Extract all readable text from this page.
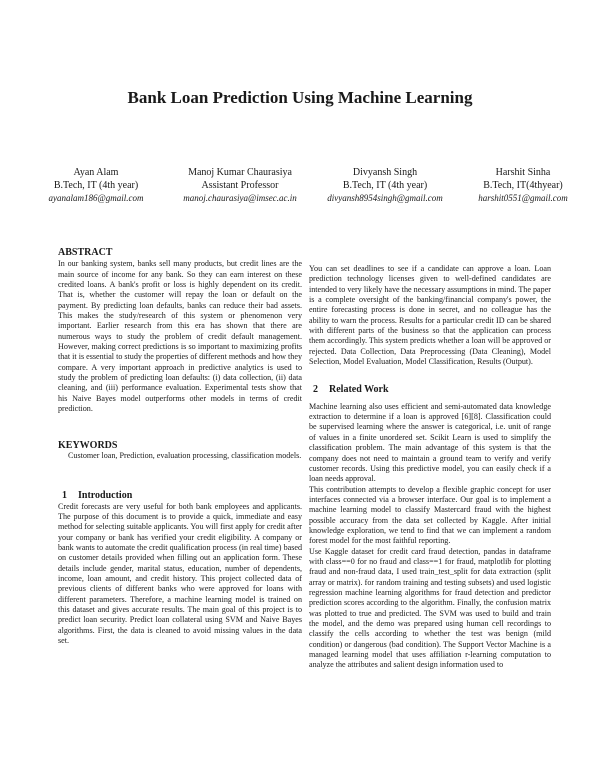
Bank Loan Prediction Using Machine Learning
Ayan Alam
B.Tech, IT (4th year)
ayanalam186@gmail.com
Manoj Kumar Chaurasiya
Assistant Professor
manoj.chaurasiya@imsec.ac.in
Divyansh Singh
B.Tech, IT (4th year)
divyansh8954singh@gmail.com
Harshit Sinha
B.Tech, IT(4thyear)
harshit0551@gmail.com
ABSTRACT

In our banking system, banks sell many products, but credit lines are the main source of income for any bank. So they can earn interest on these credited loans. A bank's profit or loss is highly dependent on its credit. That is, whether the customer will repay the loan or default on the payment. By predicting loan defaults, banks can reduce their bad assets. This makes the study/research of this system or phenomenon very important. Earlier research from this era has shown that there are numerous ways to study the problem of credit default management. However, making correct predictions is so important to maximizing profits that it is essential to study the properties of different methods and how they compare. A very important approach in predictive analytics is used to study the problem of predicting loan defaults: (i) data collection, (ii) data cleaning, and (iii) performance evaluation. Experimental tests show that his Naive Bayes model outperforms other models in terms of credit prediction.

KEYWORDS

Customer loan, Prediction, evaluation processing, classification models.

1 Introduction

Credit forecasts are very useful for both bank employees and applicants. The purpose of this document is to provide a quick, immediate and easy method for selecting suitable applicants. You will first apply for credit after your company or bank has verified your credit eligibility. A company or bank wants to automate the credit qualification process (in real time) based on customer details provided when filling out an application form. These details include gender, marital status, education, number of dependents, income, loan amount, and credit history. This project collected data of previous clients of different banks who were approved for loans with different parameters. Therefore, a machine learning model is trained on this dataset and gives accurate results. The main goal of this project is to predict loan security. Predict loan collateral using SVM and Naive Bayes algorithms. First, the data is cleaned to avoid missing values in the data set.

You can set deadlines to see if a candidate can approve a loan. Loan prediction technology licenses given to well-defined candidates are intended to very likely have the necessary assumptions in mind. The paper is a complete oversight of the banking/financial company's power, the entire forecasting process is done in secret, and no colleague has the ability to warn the process. Results for a particular credit ID can be shared with different parts of the business so that the application can process them accordingly. This system predicts whether a loan will be approved or rejected. Data Collection, Data Preprocessing (Data Cleaning), Model Selection, Model Evaluation, Model Classification, Results (Output).

2 Related Work

Machine learning also uses efficient and semi-automated data knowledge extraction to determine if a loan is approved [6][8]. Classification could be supervised learning where the answer is categorical, i.e. unit of range of values in a finite unordered set. Scikit Learn is used to simplify the classification problem. The main advantage of this system is that the company does not need to maintain a ground team to verify and verify customer records. Using this predictive model, you can easily check if a loan needs approval.

This contribution attempts to develop a flexible graphic concept for user interfaces connected via a browser interface. Our goal is to implement a machine learning model to classify Mastercard fraud with the highest possible accuracy from the data set collected by Kaggle. After initial knowledge exploration, we tend to find that we can implement a random forest model for the most faithful reporting.

Use Kaggle dataset for credit card fraud detection, pandas in dataframe with class==0 for no fraud and class==1 for fraud, matplotlib for plotting fraud and non-fraud data, I used train_test_split for data extraction (split array or matrix). for random training and testing subsets) and used logistic regression machine learning algorithms for fraud detection and predictor prediction scores according to the algorithm. Finally, the confusion matrix was plotted to true and predicted. The SVM was used to build and train the model, and the demo was prepared using human cell recordings to classify the cells according to whether the test was benign (mild condition) or dangerous (bad condition). The Support Vector Machine is a managed learning model that uses affiliation r-learning computation to analyze the attributes and salient design information used to
